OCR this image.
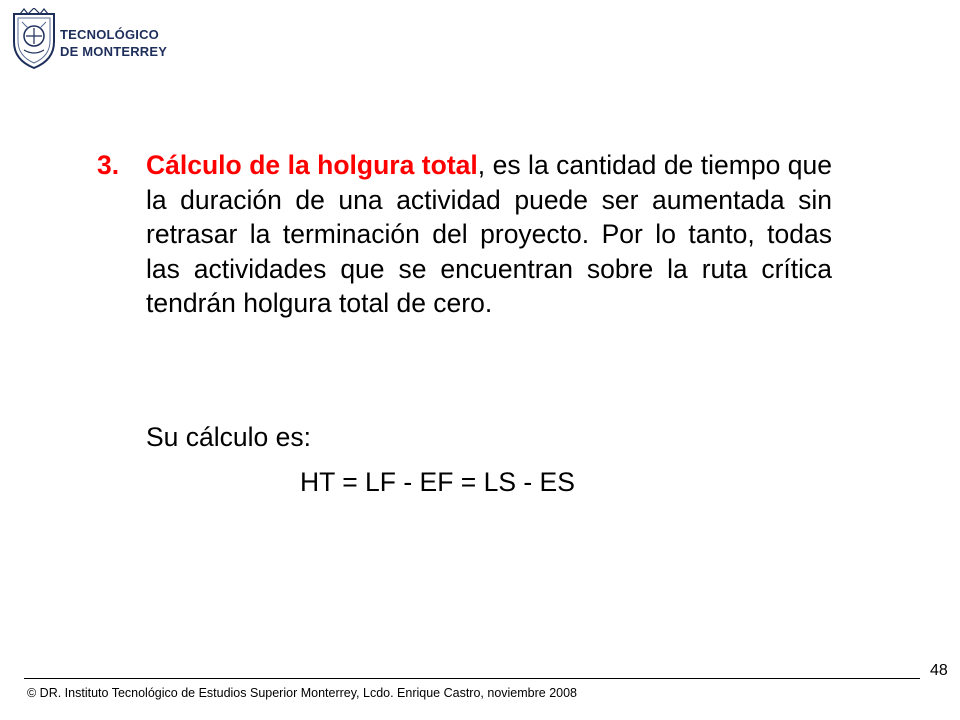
TECNOLÓGICO
DE MONTERREY
3. Cálculo de la holgura total, es la cantidad de tiempo que la duración de una actividad puede ser aumentada sin retrasar la terminación del proyecto. Por lo tanto, todas las actividades que se encuentran sobre la ruta crítica tendrán holgura total de cero.
Su cálculo es:
HT = LF - EF = LS - ES
48
© DR. Instituto Tecnológico de Estudios Superior Monterrey, Lcdo. Enrique Castro, noviembre 2008
